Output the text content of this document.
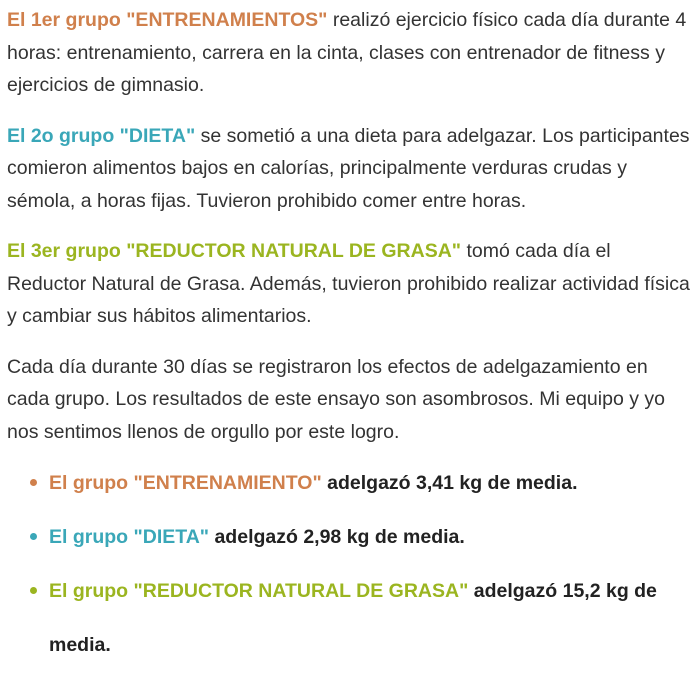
El 1er grupo "ENTRENAMIENTOS" realizó ejercicio físico cada día durante 4 horas: entrenamiento, carrera en la cinta, clases con entrenador de fitness y ejercicios de gimnasio.

El 2o grupo "DIETA" se sometió a una dieta para adelgazar. Los participantes comieron alimentos bajos en calorías, principalmente verduras crudas y sémola, a horas fijas. Tuvieron prohibido comer entre horas.

El 3er grupo "REDUCTOR NATURAL DE GRASA" tomó cada día el Reductor Natural de Grasa. Además, tuvieron prohibido realizar actividad física y cambiar sus hábitos alimentarios.

Cada día durante 30 días se registraron los efectos de adelgazamiento en cada grupo. Los resultados de este ensayo son asombrosos. Mi equipo y yo nos sentimos llenos de orgullo por este logro.

El grupo "ENTRENAMIENTO" adelgazó 3,41 kg de media.
El grupo "DIETA" adelgazó 2,98 kg de media.
El grupo "REDUCTOR NATURAL DE GRASA" adelgazó 15,2 kg de media.
